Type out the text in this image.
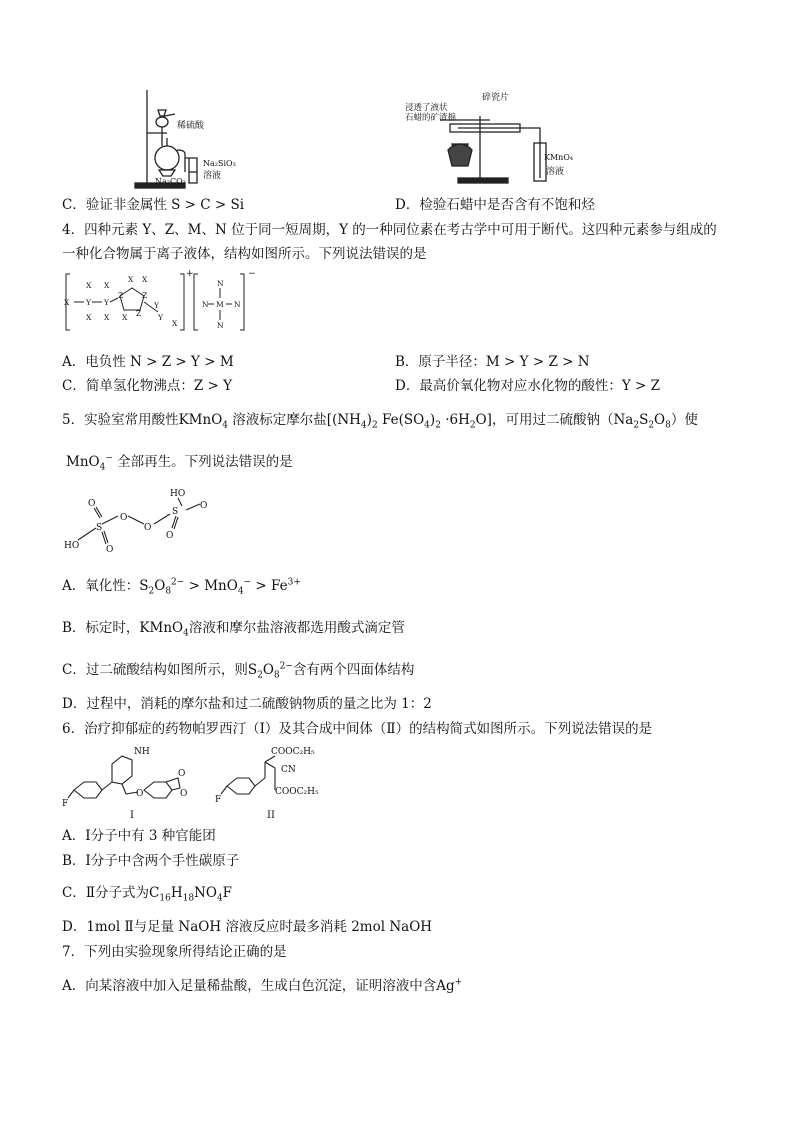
稀硫酸
Na₂SiO₃
溶液
Na₂CO₃
碎瓷片
浸透了液状
石蜡的矿渣棉
KMnO₄
溶液
C．验证非金属性 S > C > Si	D．检验石蜡中是否含有不饱和烃
4．四种元素 Y、Z、M、N 位于同一短周期，Y 的一种同位素在考古学中可用于断代。这四种元素参与组成的
一种化合物属于离子液体，结构如图所示。下列说法错误的是
X Y Y
X
X
X
X
Z	Z
X X
X	Y
X
Y
Z
N M N
N
N
+	−
A．电负性 N > Z > Y > M	B．原子半径：M > Y > Z > N
C．简单氢化物沸点：Z > Y	D．最高价氧化物对应水化物的酸性：Y > Z
5．实验室常用酸性KMnO$_4$ 溶液标定摩尔盐[$(NH_4)_2$ $Fe(SO_4)_2 \cdot 6H_2O$]，可用过二硫酸钠$(Na_2S_2O_8)$使
MnO$_4$− 全部再生。下列说法错误的是
HO
S
O
O
O
O
S
HO
O
O
A．氧化性：$S_2O_8^{2-} > MnO_4^- > Fe^{3+}$
B．标定时，KMnO$_4$溶液和摩尔盐溶液都选用酸式滴定管
C．过二硫酸结构如图所示，则$S_2O_8^{2-}$含有两个四面体结构
D．过程中，消耗的摩尔盐和过二硫酸钠物质的量之比为 1：2
6．治疗抑郁症的药物帕罗西汀（Ⅰ）及其合成中间体（Ⅱ）的结构简式如图所示。下列说法错误的是
F
NH
O
O
O
I
F
COOC₂H₅
CN
COOC₂H₅
II
A．Ⅰ分子中有 3 种官能团
B．Ⅰ分子中含两个手性碳原子
C．Ⅱ分子式为$C_{16}H_{18}NO_4F$
D．1mol Ⅱ与足量 NaOH 溶液反应时最多消耗 2mol NaOH
7．下列由实验现象所得结论正确的是
A．向某溶液中加入足量稀盐酸，生成白色沉淀，证明溶液中含Ag+
